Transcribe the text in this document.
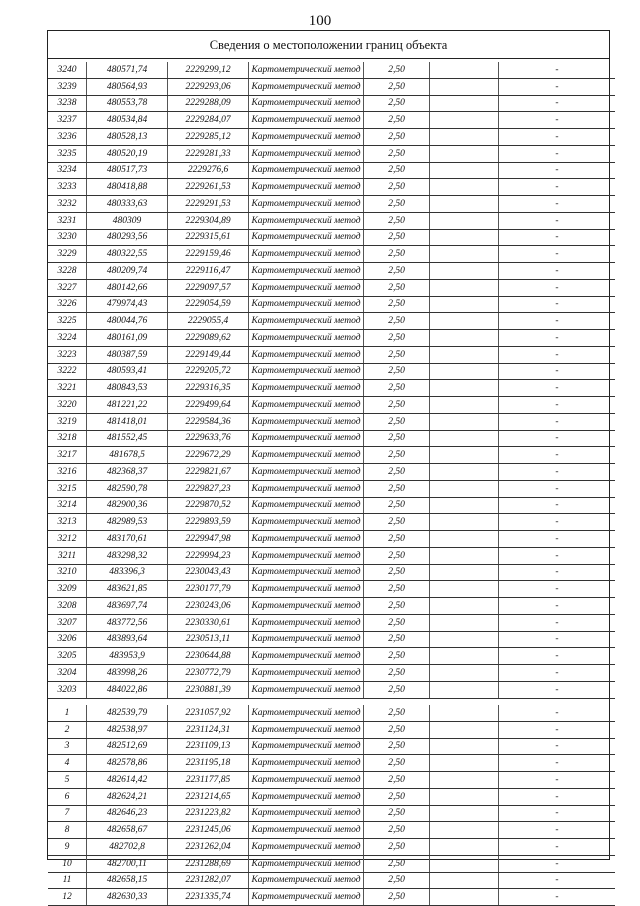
100
Сведения о местоположении границ объекта
3240	480571,74	2229299,12	Картометрический метод	2,50		-
3239	480564,93	2229293,06	Картометрический метод	2,50		-
3238	480553,78	2229288,09	Картометрический метод	2,50		-
3237	480534,84	2229284,07	Картометрический метод	2,50		-
3236	480528,13	2229285,12	Картометрический метод	2,50		-
3235	480520,19	2229281,33	Картометрический метод	2,50		-
3234	480517,73	2229276,6	Картометрический метод	2,50		-
3233	480418,88	2229261,53	Картометрический метод	2,50		-
3232	480333,63	2229291,53	Картометрический метод	2,50		-
3231	480309	2229304,89	Картометрический метод	2,50		-
3230	480293,56	2229315,61	Картометрический метод	2,50		-
3229	480322,55	2229159,46	Картометрический метод	2,50		-
3228	480209,74	2229116,47	Картометрический метод	2,50		-
3227	480142,66	2229097,57	Картометрический метод	2,50		-
3226	479974,43	2229054,59	Картометрический метод	2,50		-
3225	480044,76	2229055,4	Картометрический метод	2,50		-
3224	480161,09	2229089,62	Картометрический метод	2,50		-
3223	480387,59	2229149,44	Картометрический метод	2,50		-
3222	480593,41	2229205,72	Картометрический метод	2,50		-
3221	480843,53	2229316,35	Картометрический метод	2,50		-
3220	481221,22	2229499,64	Картометрический метод	2,50		-
3219	481418,01	2229584,36	Картометрический метод	2,50		-
3218	481552,45	2229633,76	Картометрический метод	2,50		-
3217	481678,5	2229672,29	Картометрический метод	2,50		-
3216	482368,37	2229821,67	Картометрический метод	2,50		-
3215	482590,78	2229827,23	Картометрический метод	2,50		-
3214	482900,36	2229870,52	Картометрический метод	2,50		-
3213	482989,53	2229893,59	Картометрический метод	2,50		-
3212	483170,61	2229947,98	Картометрический метод	2,50		-
3211	483298,32	2229994,23	Картометрический метод	2,50		-
3210	483396,3	2230043,43	Картометрический метод	2,50		-
3209	483621,85	2230177,79	Картометрический метод	2,50		-
3208	483697,74	2230243,06	Картометрический метод	2,50		-
3207	483772,56	2230330,61	Картометрический метод	2,50		-
3206	483893,64	2230513,11	Картометрический метод	2,50		-
3205	483953,9	2230644,88	Картометрический метод	2,50		-
3204	483998,26	2230772,79	Картометрический метод	2,50		-
3203	484022,86	2230881,39	Картометрический метод	2,50		-
1	482539,79	2231057,92	Картометрический метод	2,50		-
2	482538,97	2231124,31	Картометрический метод	2,50		-
3	482512,69	2231109,13	Картометрический метод	2,50		-
4	482578,86	2231195,18	Картометрический метод	2,50		-
5	482614,42	2231177,85	Картометрический метод	2,50		-
6	482624,21	2231214,65	Картометрический метод	2,50		-
7	482646,23	2231223,82	Картометрический метод	2,50		-
8	482658,67	2231245,06	Картометрический метод	2,50		-
9	482702,8	2231262,04	Картометрический метод	2,50		-
10	482700,11	2231288,69	Картометрический метод	2,50		-
11	482658,15	2231282,07	Картометрический метод	2,50		-
12	482630,33	2231335,74	Картометрический метод	2,50		-
